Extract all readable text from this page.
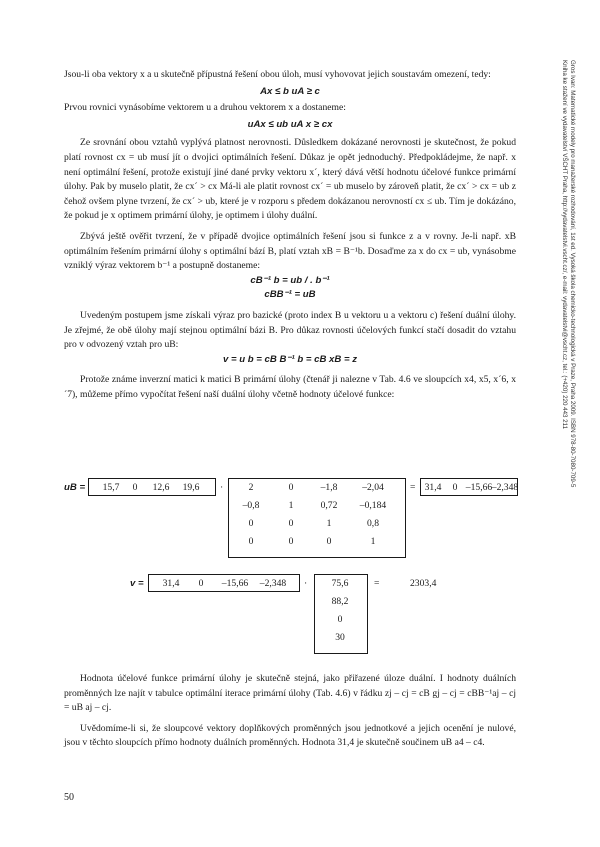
Jsou-li oba vektory x a u skutečně přípustná řešení obou úloh, musí vyhovovat jejich soustavám omezení, tedy:

Ax ≤ b uA ≥ c

Prvou rovnici vynásobíme vektorem u a druhou vektorem x a dostaneme:

uAx ≤ ub uA x ≥ cx

Ze srovnání obou vztahů vyplývá platnost nerovnosti. Důsledkem dokázané nerovnosti je skutečnost, že pokud platí rovnost cx = ub musí jít o dvojici optimálních řešení. Důkaz je opět jednoduchý. Předpokládejme, že např. x není optimální řešení, protože existují jiné dané prvky vektoru x´, který dává větší hodnotu účelové funkce primární úlohy. Pak by muselo platit, že cx´ > cx Má-li ale platit rovnost cx´ = ub muselo by zároveň platit, že cx´ > cx = ub z čehož ovšem plyne tvrzení, že cx´ > ub, které je v rozporu s předem dokázanou nerovností cx ≤ ub. Tím je dokázáno, že pokud je x optimem primární úlohy, je optimem i úlohy duální.

Zbývá ještě ověřit tvrzení, že v případě dvojice optimálních řešení jsou si funkce z a v rovny. Je-li např. xB optimálním řešením primární úlohy s optimální bází B, platí vztah xB = B⁻¹b. Dosaďme za x do cx = ub, vynásobme vzniklý výraz vektorem b⁻¹ a postupně dostaneme:

cB⁻¹ b = ub / . b⁻¹

cBB⁻¹ = uB

Uvedeným postupem jsme získali výraz pro bazické (proto index B u vektoru u a vektoru c) řešení duální úlohy. Je zřejmé, že obě úlohy mají stejnou optimální bázi B. Pro důkaz rovnosti účelových funkcí stačí dosadit do vztahu pro v odvozený vztah pro uB:

v = u b = cB B⁻¹ b = cB xB = z

Protože známe inverzní matici k matici B primární úlohy (čtenář ji nalezne v Tab. 4.6 ve sloupcích x4, x5, x´6, x´7), můžeme přímo vypočítat řešení naší duální úlohy včetně hodnoty účelové funkce:

uB =	15,7	0	12,6	19,6	·	2	0	–1,8	–2,04
–0,8	1	0,72	–0,184
0	0	1	0,8
0	0	0	1
= 31,4	0 –15,66 –2,348
v =	31,4	0	–15,66	–2,348	·	75,6
88,2
0
30
=	2303,4

Hodnota účelové funkce primární úlohy je skutečně stejná, jako přiřazené úloze duální. I hodnoty duálních proměnných lze najít v tabulce optimální iterace primární úlohy (Tab. 4.6) v řádku zj – cj = cB gj – cj = cBB⁻¹aj – cj = uB aj – cj.

Uvědomíme-li si, že sloupcové vektory doplňkových proměnných jsou jednotkové a jejich ocenění je nulové, jsou v těchto sloupcích přímo hodnoty duálních proměnných. Hodnota 31,4 je skutečně součinem uB a4 – c4.

Gros Ivan: Matematické modely pro manažerské rozhodování, 1st ed. Vysoká škola chemicko-technologická v Praze, Praha 2009. ISBN 978-80-7080-709-5
Kniha ke stažení ve vydavatelství VŠCHT Praha, http://vydavatelstvi.vscht.cz/, e-mail: vydavatelstvi@vscht.cz, tel.: (+420) 220 443 211
50
